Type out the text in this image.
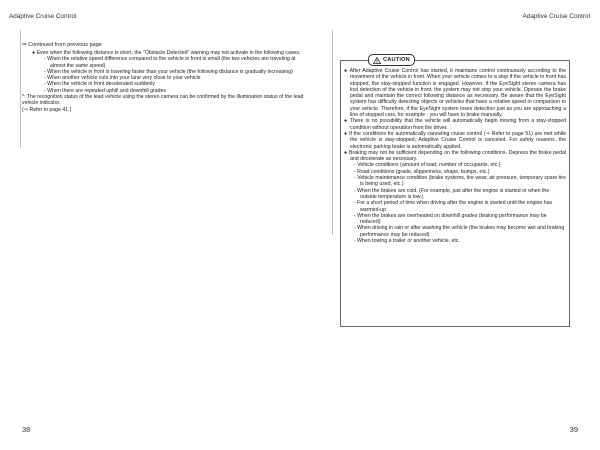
Adaptive Cruise Control	Adaptive Cruise Control
⇒ Continued from previous page

● Even when the following distance is short, the "Obstacle Detected" warning may not activate in the following cases.

- When the relative speed difference compared to the vehicle in front is small (the two vehicles are traveling at almost the same speed)

- When the vehicle in front is traveling faster than your vehicle (the following distance is gradually increasing)

- When another vehicle cuts into your lane very close to your vehicle

- When the vehicle in front decelerated suddenly

- When there are repeated uphill and downhill grades

*: The recognition status of the lead vehicle using the stereo camera can be confirmed by the illumination status of the lead vehicle indicator.

(⇒ Refer to page 41.)

CAUTION

● After Adaptive Cruise Control has started, it maintains control continuously according to the movement of the vehicle in front. When your vehicle comes to a stop if the vehicle in front has stopped, the stay-stopped function is engaged. However, if the EyeSight stereo camera has lost detection of the vehicle in front, the system may not stop your vehicle. Operate the brake pedal and maintain the correct following distance as necessary. Be aware that the EyeSight system has difficulty detecting objects or vehicles that have a relative speed in comparison to your vehicle. Therefore, if the EyeSight system loses detection just as you are approaching a line of stopped cars, for example - you will have to brake manually.

● There is no possibility that the vehicle will automatically begin moving from a stay-stopped condition without operation from the driver.

● If the conditions for automatically canceling cruise control (⇒ Refer to page 51) are met while the vehicle is stay-stopped, Adaptive Cruise Control is canceled. For safety reasons, the electronic parking brake is automatically applied.

● Braking may not be sufficient depending on the following conditions. Depress the brake pedal and decelerate as necessary.

- Vehicle conditions (amount of load, number of occupants, etc.)

- Road conditions (grade, slipperiness, shape, bumps, etc.)

- Vehicle maintenance condition (brake systems, tire wear, air pressure, temporary spare tire is being used, etc.)

- When the brakes are cold. (For example, just after the engine is started or when the outside temperature is low.)

- For a short period of time when driving after the engine is started until the engine has warmed-up

- When the brakes are overheated on downhill grades (braking performance may be reduced)

- When driving in rain or after washing the vehicle (the brakes may become wet and braking performance may be reduced)

- When towing a trailer or another vehicle, etc.

38	39
